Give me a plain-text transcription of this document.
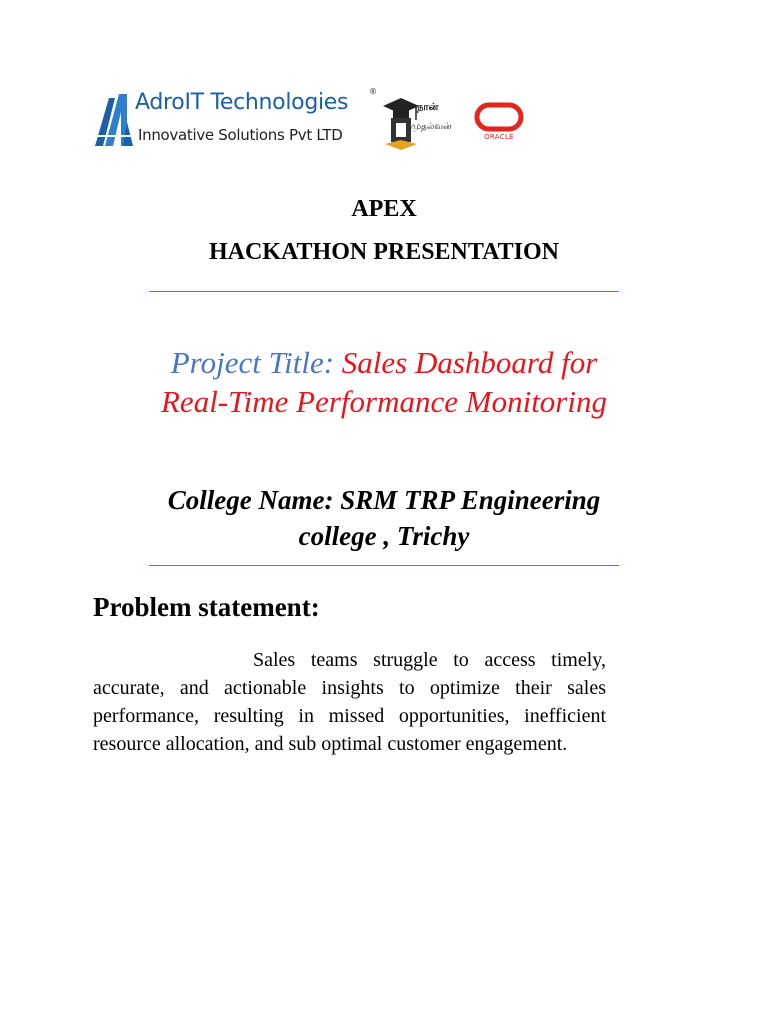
AdroIT Technologies	®
Innovative Solutions Pvt LTD
நான்
முதல்வன்
ORACLE
APEX
HACKATHON PRESENTATION
Project Title: Sales Dashboard for Real-Time Performance Monitoring
College Name: SRM TRP Engineering college , Trichy
Problem statement:
Sales teams struggle to access timely, accurate, and actionable insights to optimize their sales performance, resulting in missed opportunities, inefficient resource allocation, and sub optimal customer engagement.
